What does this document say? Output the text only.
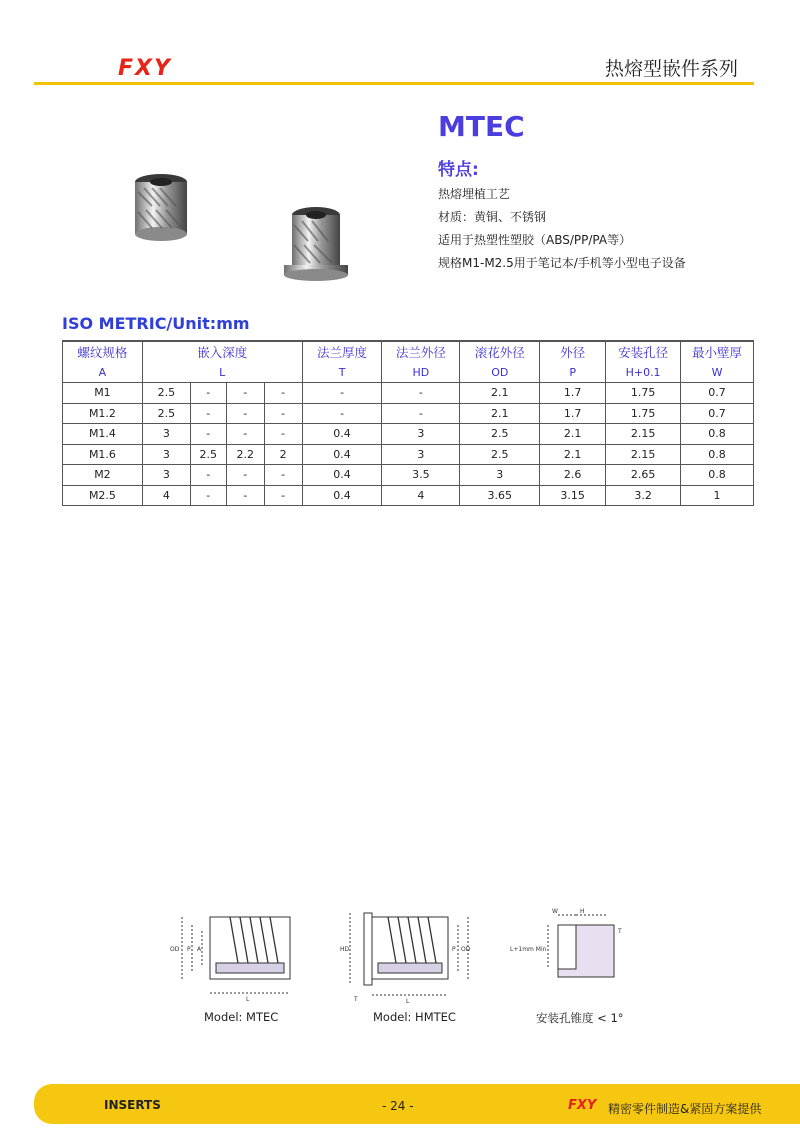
FXY	热熔型嵌件系列
MTEC
特点:
热熔埋植工艺
材质：黄铜、不锈钢
适用于热塑性塑胶（ABS/PP/PA等）
规格M1-M2.5用于笔记本/手机等小型电子设备
ISO METRIC/Unit:mm
螺纹规格	嵌入深度				法兰厚度	法兰外径	滚花外径	外径	安装孔径	最小壁厚
A	L				T	HD	OD	P	H+0.1	W
M1	2.5	-	-	-	-	-	2.1	1.7	1.75	0.7
M1.2	2.5	-	-	-	-	-	2.1	1.7	1.75	0.7
M1.4	3	-	-	-	0.4	3	2.5	2.1	2.15	0.8
M1.6	3	2.5	2.2	2	0.4	3	2.5	2.1	2.15	0.8
M2	3	-	-	-	0.4	3.5	3	2.6	2.65	0.8
M2.5	4	-	-	-	0.4	4	3.65	3.15	3.2	1
OD P A
L
HD
T
P OD
L
W	H
T
L+1mm Min
Model: MTEC	Model: HMTEC	安装孔锥度 < 1°
INSERTS	- 24 -	FXY 精密零件制造&紧固方案提供
